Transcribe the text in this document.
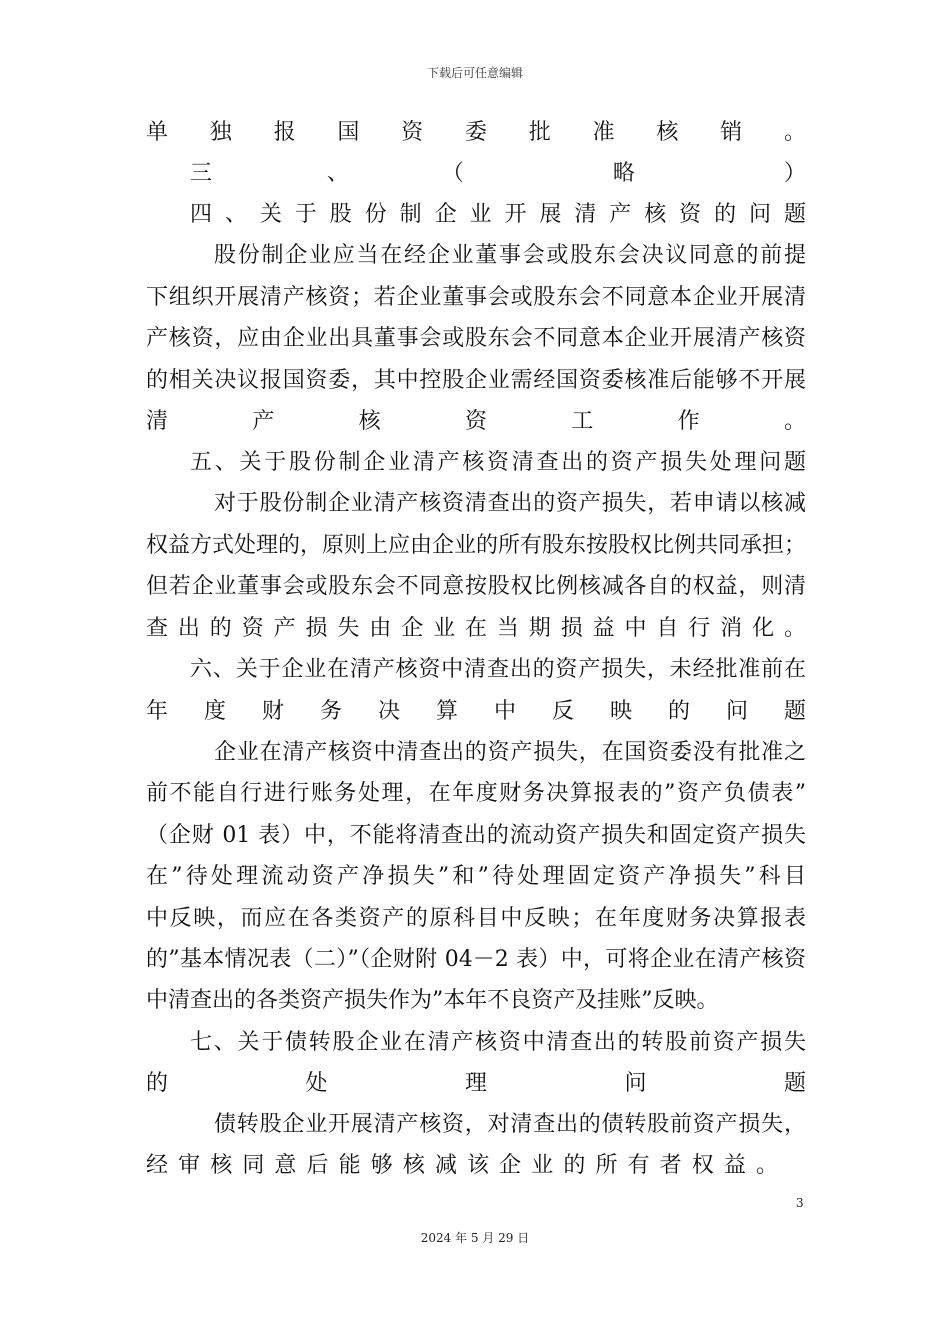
下载后可任意编辑
单　独　报　国　资　委　批　准　核　销　。
三　　　、　　　（　　　　略　　　　）
四、关于股份制企业开展清产核资的问题
股份制企业应当在经企业董事会或股东会决议同意的前提
下组织开展清产核资；若企业董事会或股东会不同意本企业开展清
产核资，应由企业出具董事会或股东会不同意本企业开展清产核资
的相关决议报国资委，其中控股企业需经国资委核准后能够不开展
清　　产　　核　　资　　工　　作　　。
五、关于股份制企业清产核资清查出的资产损失处理问题
对于股份制企业清产核资清查出的资产损失，若申请以核减
权益方式处理的，原则上应由企业的所有股东按股权比例共同承担；
但若企业董事会或股东会不同意按股权比例核减各自的权益，则清
查出的资产损失由企业在当期损益中自行消化。
六、关于企业在清产核资中清查出的资产损失，未经批准前在
年　度　财　务　决　算　中　反　映　的　问　题
企业在清产核资中清查出的资产损失，在国资委没有批准之
前不能自行进行账务处理，在年度财务决算报表的”资产负债表”
（企财 01 表）中，不能将清查出的流动资产损失和固定资产损失
在”待处理流动资产净损失”和”待处理固定资产净损失”科目
中反映，而应在各类资产的原科目中反映；在年度财务决算报表
的”基本情况表（二）”（企财附 04－2 表）中，可将企业在清产核资
中清查出的各类资产损失作为”本年不良资产及挂账”反映。
七、关于债转股企业在清产核资中清查出的转股前资产损失
的　　　处　　　理　　　问　　　题
债转股企业开展清产核资，对清查出的债转股前资产损失，
经审核同意后能够核减该企业的所有者权益。
3
2024 年 5 月 29 日
